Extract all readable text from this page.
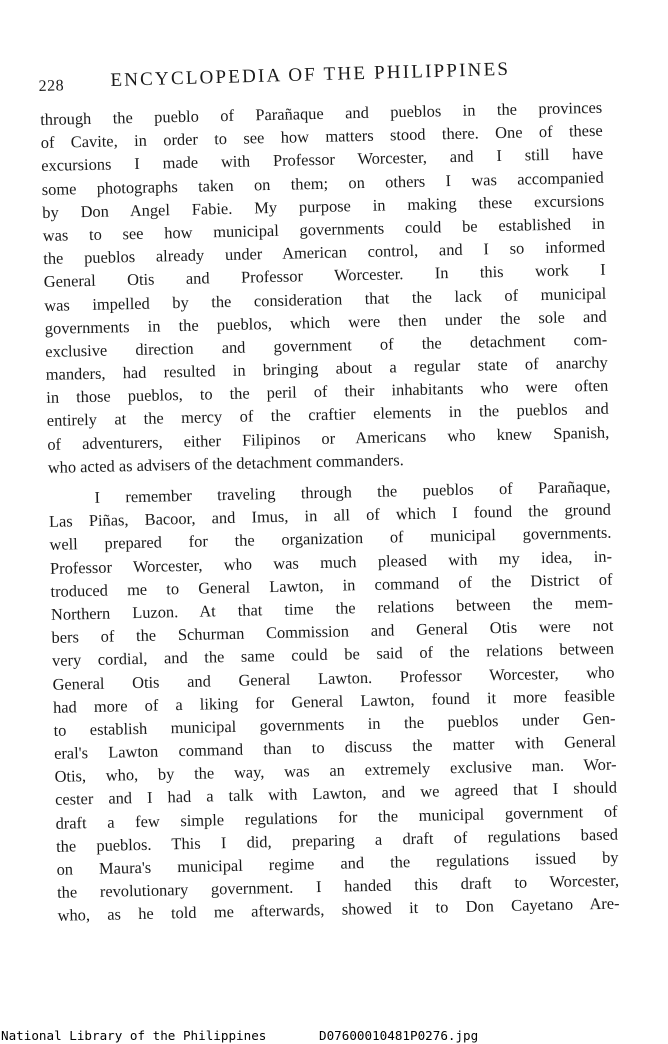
228 ENCYCLOPEDIA OF THE PHILIPPINES
through the pueblo of Parañaque and pueblos in the provinces
of Cavite, in order to see how matters stood there. One of these
excursions I made with Professor Worcester, and I still have
some photographs taken on them; on others I was accompanied
by Don Angel Fabie. My purpose in making these excursions
was to see how municipal governments could be established in
the pueblos already under American control, and I so informed
General Otis and Professor Worcester. In this work I
was impelled by the consideration that the lack of municipal
governments in the pueblos, which were then under the sole and
exclusive direction and government of the detachment com-
manders, had resulted in bringing about a regular state of anarchy
in those pueblos, to the peril of their inhabitants who were often
entirely at the mercy of the craftier elements in the pueblos and
of adventurers, either Filipinos or Americans who knew Spanish,
who acted as advisers of the detachment commanders.
I remember traveling through the pueblos of Parañaque,
Las Piñas, Bacoor, and Imus, in all of which I found the ground
well prepared for the organization of municipal governments.
Professor Worcester, who was much pleased with my idea, in-
troduced me to General Lawton, in command of the District of
Northern Luzon. At that time the relations between the mem-
bers of the Schurman Commission and General Otis were not
very cordial, and the same could be said of the relations between
General Otis and General Lawton. Professor Worcester, who
had more of a liking for General Lawton, found it more feasible
to establish municipal governments in the pueblos under Gen-
eral's Lawton command than to discuss the matter with General
Otis, who, by the way, was an extremely exclusive man. Wor-
cester and I had a talk with Lawton, and we agreed that I should
draft a few simple regulations for the municipal government of
the pueblos. This I did, preparing a draft of regulations based
on Maura's municipal regime and the regulations issued by
the revolutionary government. I handed this draft to Worcester,
who, as he told me afterwards, showed it to Don Cayetano Are-
National Library of the Philippines	D07600010481P0276.jpg
